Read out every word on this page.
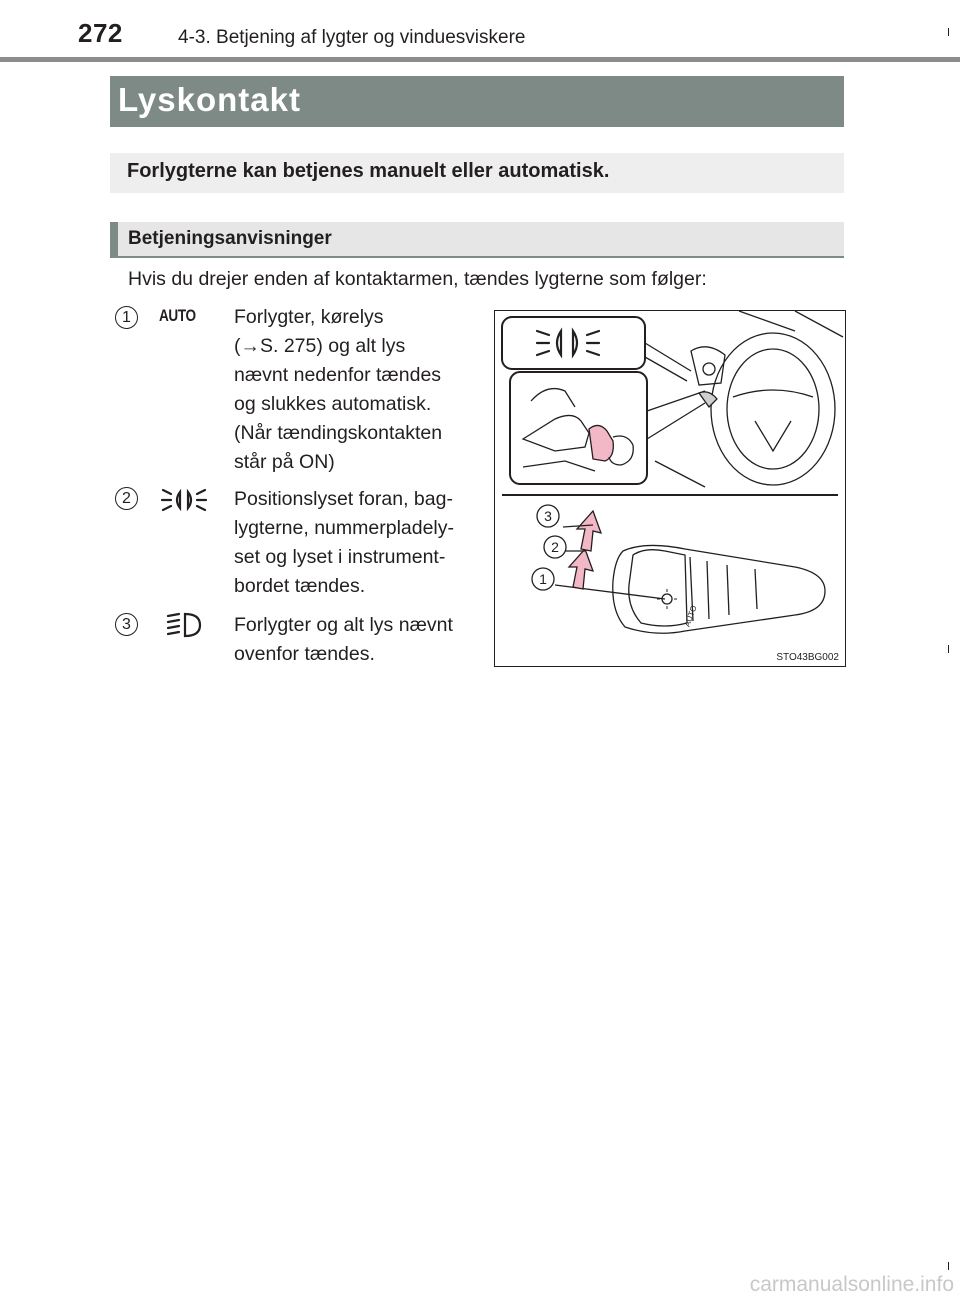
272	4-3. Betjening af lygter og vinduesviskere
Lyskontakt
Forlygterne kan betjenes manuelt eller automatisk.
Betjeningsanvisninger
Hvis du drejer enden af kontaktarmen, tændes lygterne som følger:
1	AUTO Forlygter, kørelys
(→S. 275) og alt lys
nævnt nedenfor tændes
og slukkes automatisk.
(Når tændingskontakten
står på ON)
2	Positionslyset foran, bag-
lygterne, nummerpladely-
set og lyset i instrument-
bordet tændes.
3	Forlygter og alt lys nævnt
ovenfor tændes.
3
2
1
AUTO
STO43BG002
carmanualsonline.info
